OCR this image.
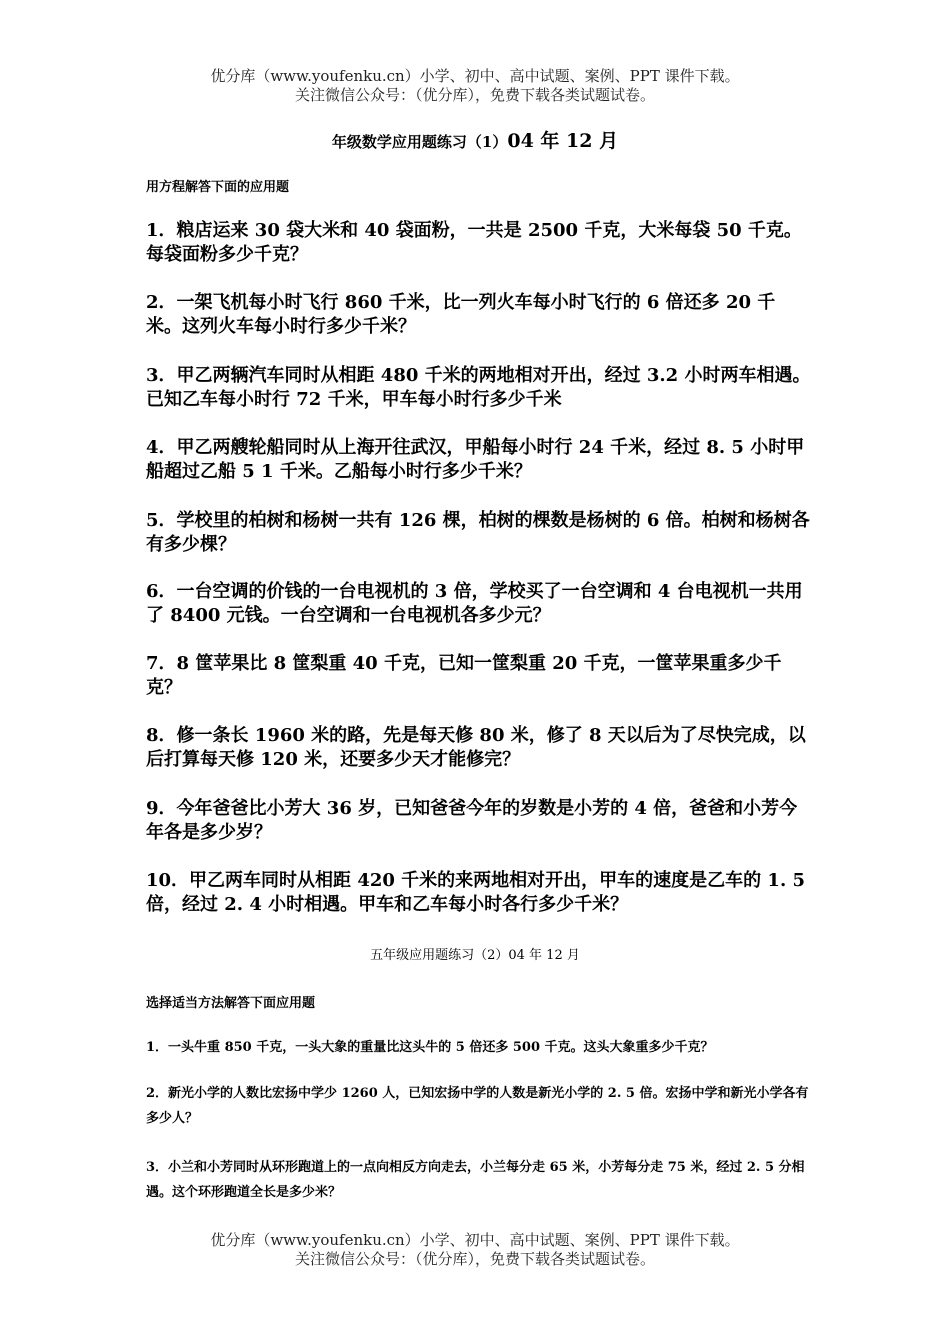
优分库（www.youfenku.cn）小学、初中、高中试题、案例、PPT 课件下载。
关注微信公众号：（优分库），免费下载各类试题试卷。
年级数学应用题练习（1）04 年 12 月
用方程解答下面的应用题
1．粮店运来 30 袋大米和 40 袋面粉，一共是 2500 千克，大米每袋 50 千克。每袋面粉多少千克？
2．一架飞机每小时飞行 860 千米，比一列火车每小时飞行的 6 倍还多 20 千米。这列火车每小时行多少千米？
3．甲乙两辆汽车同时从相距 480 千米的两地相对开出，经过 3.2 小时两车相遇。已知乙车每小时行 72 千米，甲车每小时行多少千米
4．甲乙两艘轮船同时从上海开往武汉，甲船每小时行 24 千米，经过 8. 5 小时甲船超过乙船 5 1 千米。乙船每小时行多少千米？
5．学校里的柏树和杨树一共有 126 棵，柏树的棵数是杨树的 6 倍。柏树和杨树各有多少棵？
6．一台空调的价钱的一台电视机的 3 倍，学校买了一台空调和 4 台电视机一共用了 8400 元钱。一台空调和一台电视机各多少元？
7．8 筐苹果比 8 筐梨重 40 千克，已知一筐梨重 20 千克，一筐苹果重多少千克？
8．修一条长 1960 米的路，先是每天修 80 米，修了 8 天以后为了尽快完成，以后打算每天修 120 米，还要多少天才能修完？
9．今年爸爸比小芳大 36 岁，已知爸爸今年的岁数是小芳的 4 倍，爸爸和小芳今年各是多少岁？
10．甲乙两车同时从相距 420 千米的来两地相对开出，甲车的速度是乙车的 1. 5 倍，经过 2. 4 小时相遇。甲车和乙车每小时各行多少千米？
五年级应用题练习（2）04 年 12 月
选择适当方法解答下面应用题
1．一头牛重 850 千克，一头大象的重量比这头牛的 5 倍还多 500 千克。这头大象重多少千克？
2．新光小学的人数比宏扬中学少 1260 人，已知宏扬中学的人数是新光小学的 2. 5 倍。宏扬中学和新光小学各有多少人？
3．小兰和小芳同时从环形跑道上的一点向相反方向走去，小兰每分走 65 米，小芳每分走 75 米，经过 2. 5 分相遇。这个环形跑道全长是多少米？
优分库（www.youfenku.cn）小学、初中、高中试题、案例、PPT 课件下载。
关注微信公众号：（优分库），免费下载各类试题试卷。
